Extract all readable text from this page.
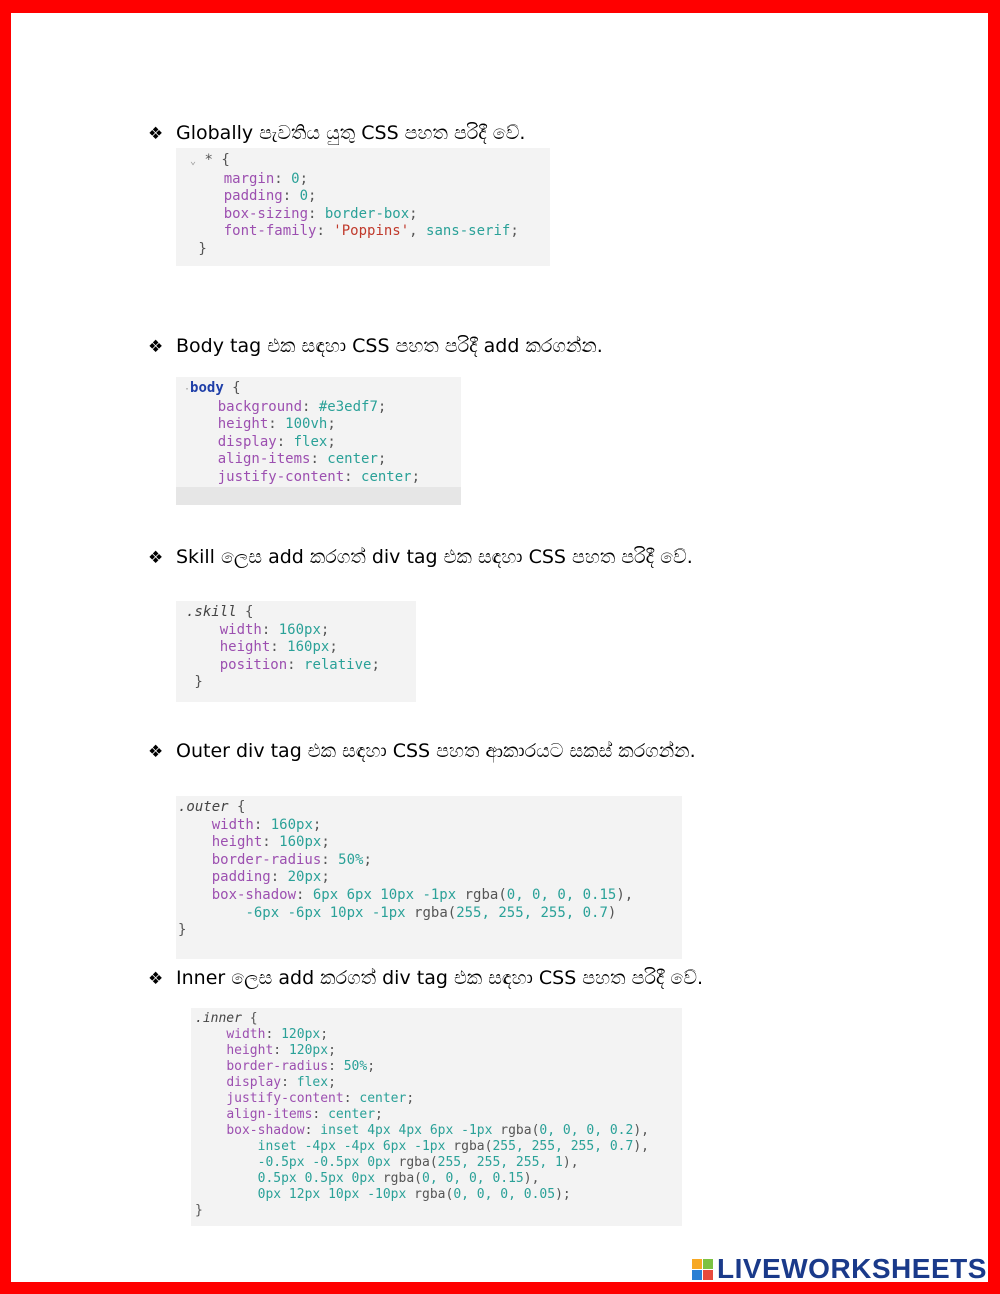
❖ Globally පැවතිය යුතු CSS පහත පරිදී වේ.
⌄ * {
margin: 0;
padding: 0;
box-sizing: border-box;
font-family: 'Poppins', sans-serif;
}
❖ Body tag එක සඳහා CSS පහත පරිදී add කරගන්න.
·body {
background: #e3edf7;
height: 100vh;
display: flex;
align-items: center;
justify-content: center;

❖ Skill ලෙස add කරගත් div tag එක සඳහා CSS පහත පරිදී වේ.
.skill {
width: 160px;
height: 160px;
position: relative;
}
❖ Outer div tag එක සඳහා CSS පහත ආකාරයට සකස් කරගන්න.
.outer {
width: 160px;
height: 160px;
border-radius: 50%;
padding: 20px;
box-shadow: 6px 6px 10px -1px rgba(0, 0, 0, 0.15),
-6px -6px 10px -1px rgba(255, 255, 255, 0.7)
}
❖ Inner ලෙස add කරගත් div tag එක සඳහා CSS පහත පරිදී වේ.
.inner {
width: 120px;
height: 120px;
border-radius: 50%;
display: flex;
justify-content: center;
align-items: center;
box-shadow: inset 4px 4px 6px -1px rgba(0, 0, 0, 0.2),
inset -4px -4px 6px -1px rgba(255, 255, 255, 0.7),
-0.5px -0.5px 0px rgba(255, 255, 255, 1),
0.5px 0.5px 0px rgba(0, 0, 0, 0.15),
0px 12px 10px -10px rgba(0, 0, 0, 0.05);
}
LIVEWORKSHEETS
